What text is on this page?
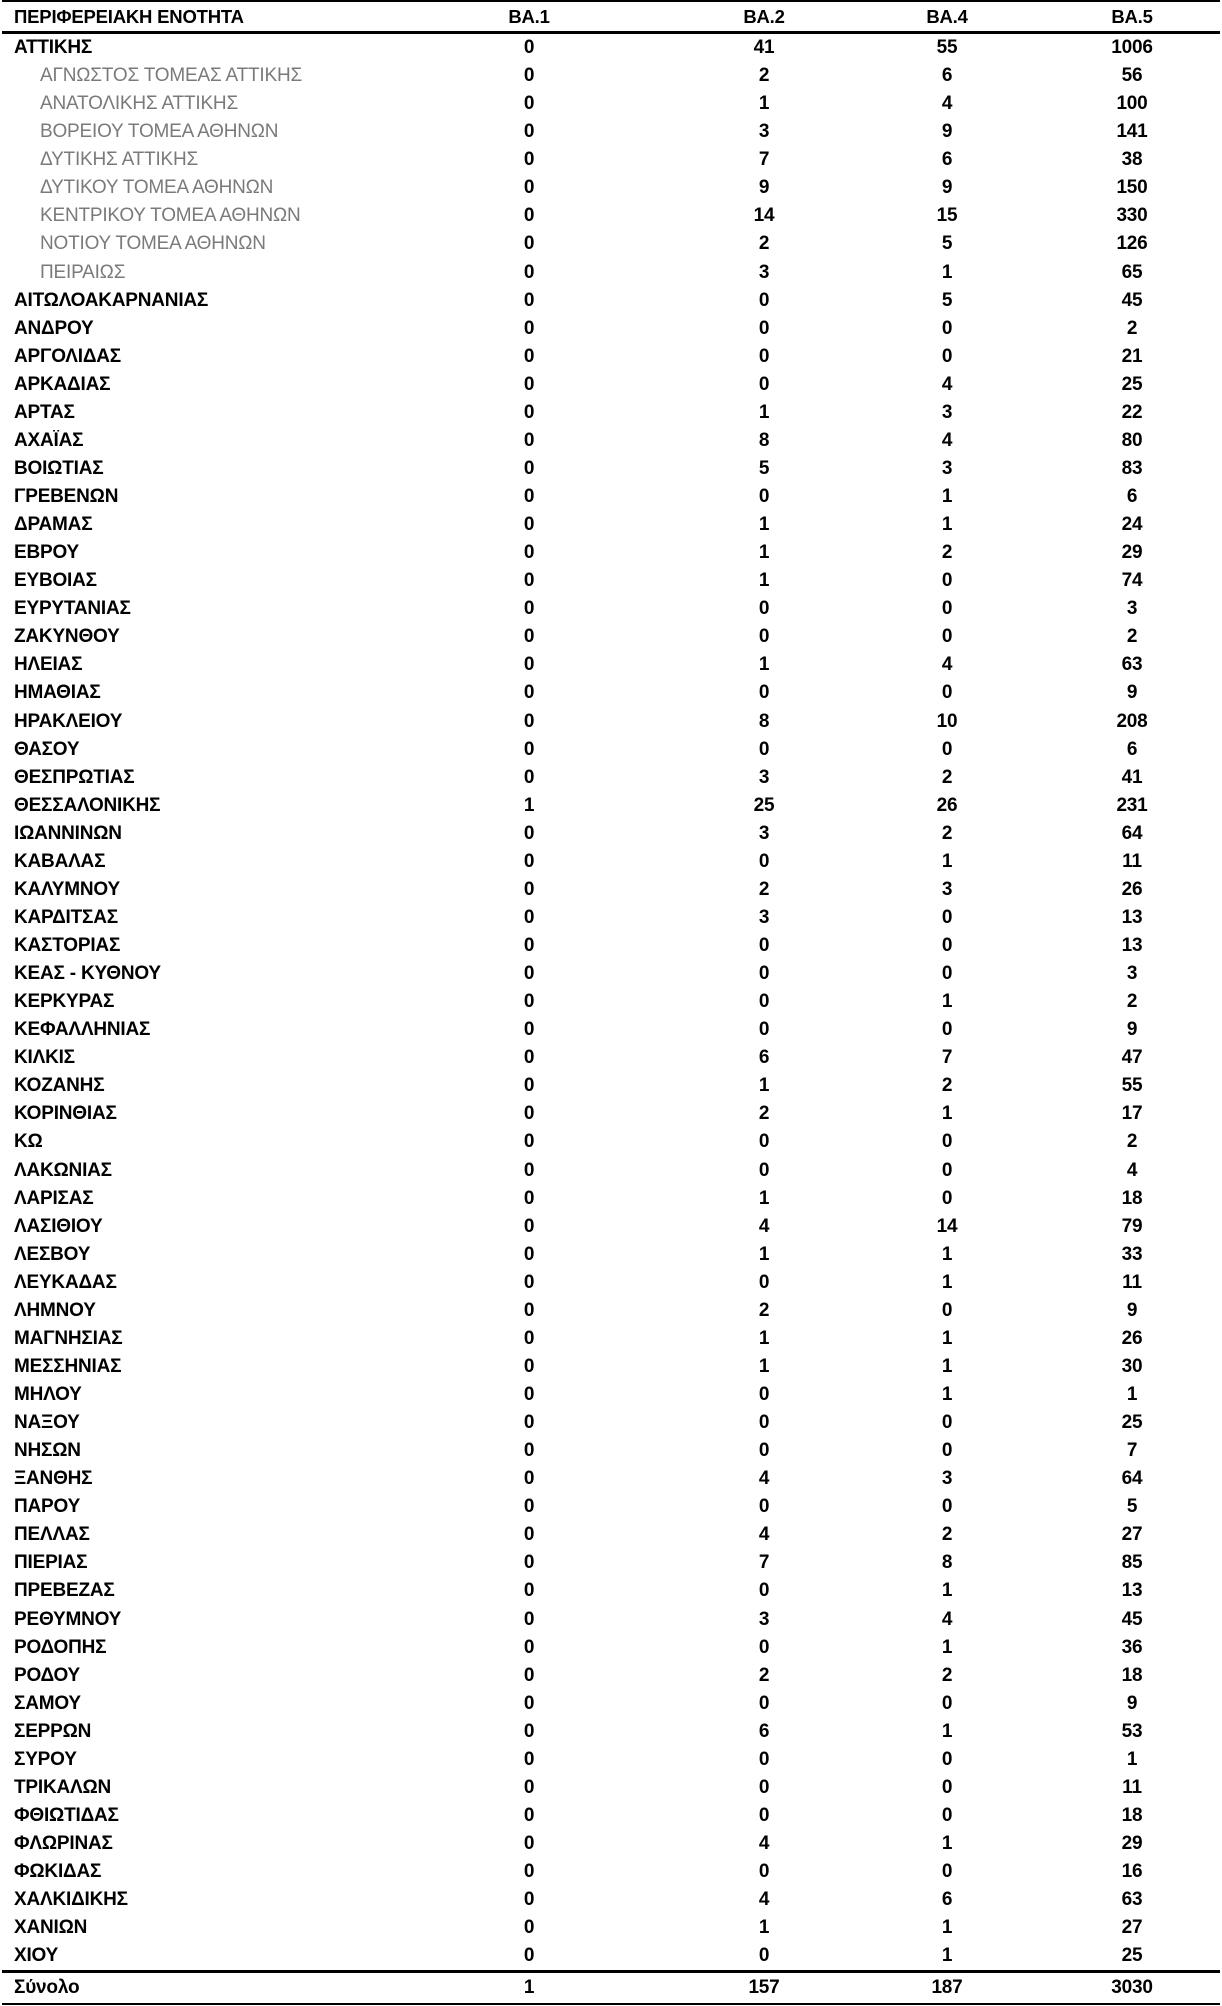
ΠΕΡΙΦΕΡΕΙΑΚΗ ΕΝΟΤΗΤΑ	ΒΑ.1	ΒΑ.2	ΒΑ.4	ΒΑ.5
ΑΤΤΙΚΗΣ	0	41	55	1006
ΑΓΝΩΣΤΟΣ ΤΟΜΕΑΣ ΑΤΤΙΚΗΣ	0	2	6	56
ΑΝΑΤΟΛΙΚΗΣ ΑΤΤΙΚΗΣ	0	1	4	100
ΒΟΡΕΙΟΥ ΤΟΜΕΑ ΑΘΗΝΩΝ	0	3	9	141
ΔΥΤΙΚΗΣ ΑΤΤΙΚΗΣ	0	7	6	38
ΔΥΤΙΚΟΥ ΤΟΜΕΑ ΑΘΗΝΩΝ	0	9	9	150
ΚΕΝΤΡΙΚΟΥ ΤΟΜΕΑ ΑΘΗΝΩΝ	0	14	15	330
ΝΟΤΙΟΥ ΤΟΜΕΑ ΑΘΗΝΩΝ	0	2	5	126
ΠΕΙΡΑΙΩΣ	0	3	1	65
ΑΙΤΩΛΟΑΚΑΡΝΑΝΙΑΣ	0	0	5	45
ΑΝΔΡΟΥ	0	0	0	2
ΑΡΓΟΛΙΔΑΣ	0	0	0	21
ΑΡΚΑΔΙΑΣ	0	0	4	25
ΑΡΤΑΣ	0	1	3	22
ΑΧΑΪΑΣ	0	8	4	80
ΒΟΙΩΤΙΑΣ	0	5	3	83
ΓΡΕΒΕΝΩΝ	0	0	1	6
ΔΡΑΜΑΣ	0	1	1	24
ΕΒΡΟΥ	0	1	2	29
ΕΥΒΟΙΑΣ	0	1	0	74
ΕΥΡΥΤΑΝΙΑΣ	0	0	0	3
ΖΑΚΥΝΘΟΥ	0	0	0	2
ΗΛΕΙΑΣ	0	1	4	63
ΗΜΑΘΙΑΣ	0	0	0	9
ΗΡΑΚΛΕΙΟΥ	0	8	10	208
ΘΑΣΟΥ	0	0	0	6
ΘΕΣΠΡΩΤΙΑΣ	0	3	2	41
ΘΕΣΣΑΛΟΝΙΚΗΣ	1	25	26	231
ΙΩΑΝΝΙΝΩΝ	0	3	2	64
ΚΑΒΑΛΑΣ	0	0	1	11
ΚΑΛΥΜΝΟΥ	0	2	3	26
ΚΑΡΔΙΤΣΑΣ	0	3	0	13
ΚΑΣΤΟΡΙΑΣ	0	0	0	13
ΚΕΑΣ - ΚΥΘΝΟΥ	0	0	0	3
ΚΕΡΚΥΡΑΣ	0	0	1	2
ΚΕΦΑΛΛΗΝΙΑΣ	0	0	0	9
ΚΙΛΚΙΣ	0	6	7	47
ΚΟΖΑΝΗΣ	0	1	2	55
ΚΟΡΙΝΘΙΑΣ	0	2	1	17
ΚΩ	0	0	0	2
ΛΑΚΩΝΙΑΣ	0	0	0	4
ΛΑΡΙΣΑΣ	0	1	0	18
ΛΑΣΙΘΙΟΥ	0	4	14	79
ΛΕΣΒΟΥ	0	1	1	33
ΛΕΥΚΑΔΑΣ	0	0	1	11
ΛΗΜΝΟΥ	0	2	0	9
ΜΑΓΝΗΣΙΑΣ	0	1	1	26
ΜΕΣΣΗΝΙΑΣ	0	1	1	30
ΜΗΛΟΥ	0	0	1	1
ΝΑΞΟΥ	0	0	0	25
ΝΗΣΩΝ	0	0	0	7
ΞΑΝΘΗΣ	0	4	3	64
ΠΑΡΟΥ	0	0	0	5
ΠΕΛΛΑΣ	0	4	2	27
ΠΙΕΡΙΑΣ	0	7	8	85
ΠΡΕΒΕΖΑΣ	0	0	1	13
ΡΕΘΥΜΝΟΥ	0	3	4	45
ΡΟΔΟΠΗΣ	0	0	1	36
ΡΟΔΟΥ	0	2	2	18
ΣΑΜΟΥ	0	0	0	9
ΣΕΡΡΩΝ	0	6	1	53
ΣΥΡΟΥ	0	0	0	1
ΤΡΙΚΑΛΩΝ	0	0	0	11
ΦΘΙΩΤΙΔΑΣ	0	0	0	18
ΦΛΩΡΙΝΑΣ	0	4	1	29
ΦΩΚΙΔΑΣ	0	0	0	16
ΧΑΛΚΙΔΙΚΗΣ	0	4	6	63
ΧΑΝΙΩΝ	0	1	1	27
ΧΙΟΥ	0	0	1	25
Σύνολο	1	157	187	3030
